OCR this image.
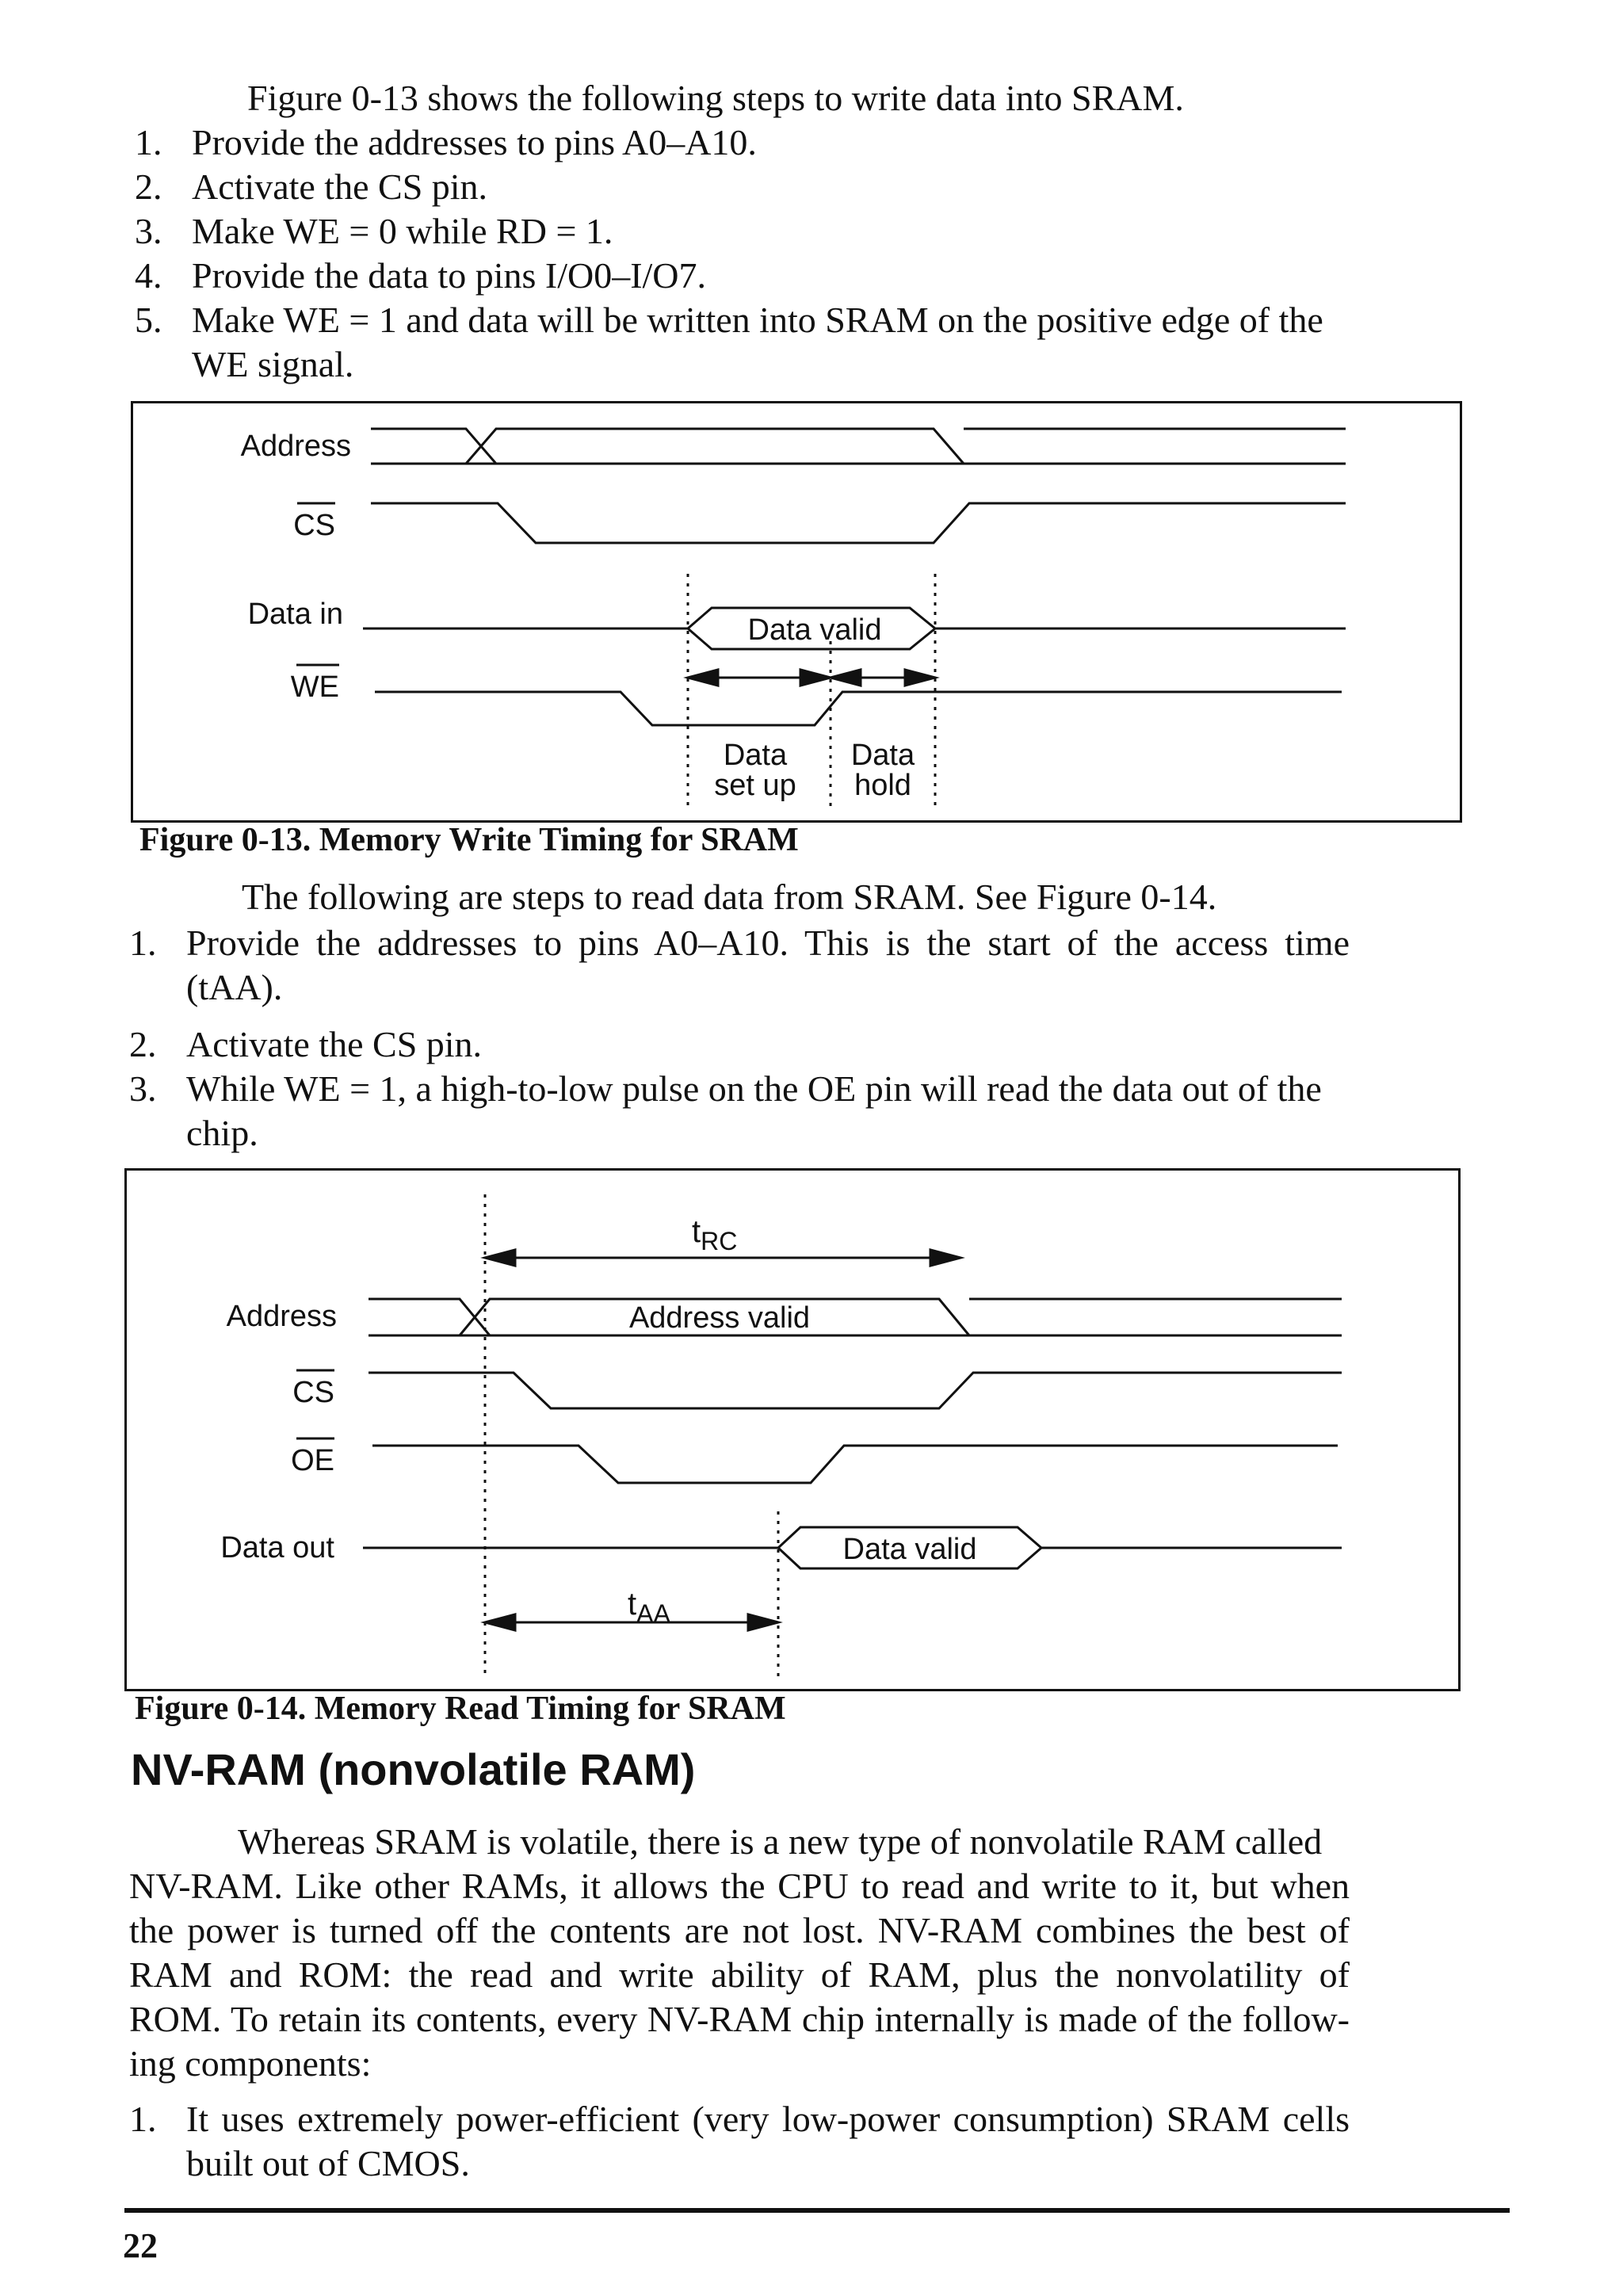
Figure 0-13 shows the following steps to write data into SRAM.
1. Provide the addresses to pins A0–A10.
2. Activate the CS pin.
3. Make WE = 0 while RD = 1.
4. Provide the data to pins I/O0–I/O7.
5. Make WE = 1 and data will be written into SRAM on the positive edge of the
WE signal.
Address
CS
Data in
WE
Data valid
Data
set up
Data
hold
Figure 0-13. Memory Write Timing for SRAM
The following are steps to read data from SRAM. See Figure 0-14.
1. Provide the addresses to pins A0–A10. This is the start of the access time
(tAA).
2. Activate the CS pin.
3. While WE = 1, a high-to-low pulse on the OE pin will read the data out of the
chip.
$t_{RC}$
Address	Address valid
CS
OE
Data out	Data valid
$t_{AA}$
Figure 0-14. Memory Read Timing for SRAM
NV-RAM (nonvolatile RAM)
Whereas SRAM is volatile, there is a new type of nonvolatile RAM called
NV-RAM. Like other RAMs, it allows the CPU to read and write to it, but when
the power is turned off the contents are not lost. NV-RAM combines the best of
RAM and ROM: the read and write ability of RAM, plus the nonvolatility of
ROM. To retain its contents, every NV-RAM chip internally is made of the follow-
ing components:
1. It uses extremely power-efficient (very low-power consumption) SRAM cells
built out of CMOS.
22
